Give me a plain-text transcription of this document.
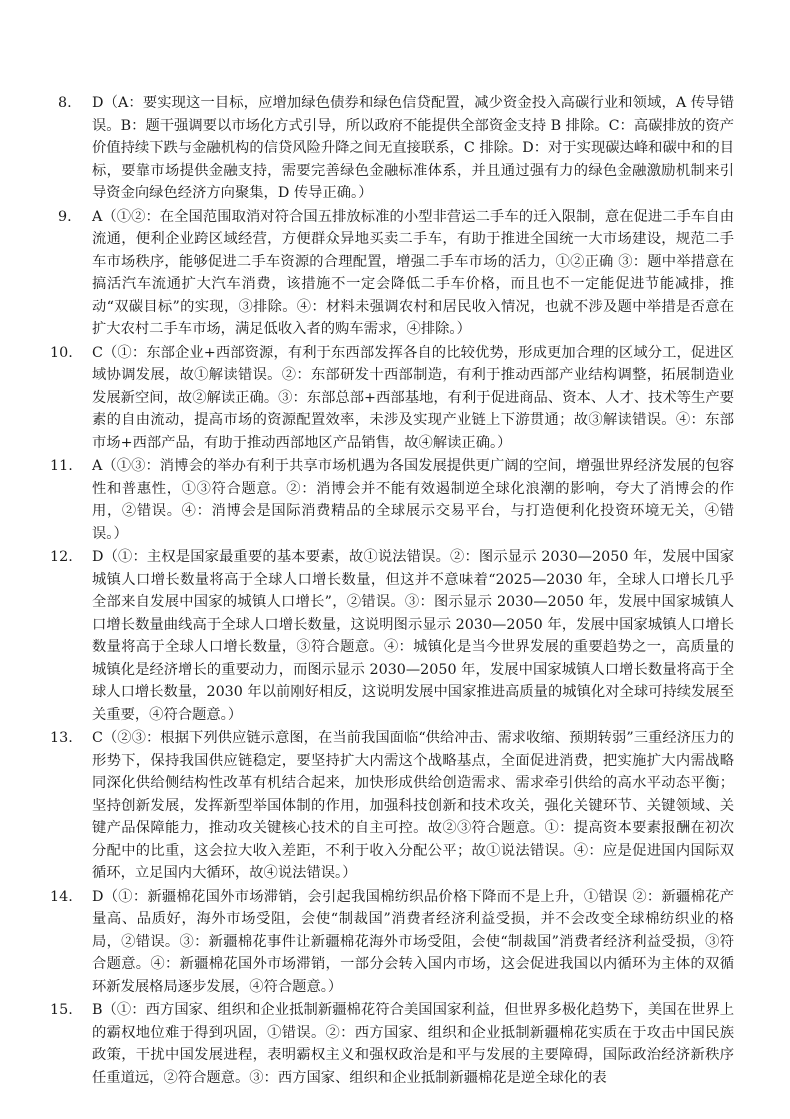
8.	D（A：要实现这一目标，应增加绿色债券和绿色信贷配置，减少资金投入高碳行业和领域，A 传导错误。B：题干强调要以市场化方式引导，所以政府不能提供全部资金支持 B 排除。C：高碳排放的资产价值持续下跌与金融机构的信贷风险升降之间无直接联系，C 排除。D：对于实现碳达峰和碳中和的目标，要靠市场提供金融支持，需要完善绿色金融标准体系，并且通过强有力的绿色金融激励机制来引导资金向绿色经济方向聚集，D 传导正确。）
9.	A（①②：在全国范围取消对符合国五排放标准的小型非营运二手车的迁入限制，意在促进二手车自由流通，便利企业跨区域经营，方便群众异地买卖二手车，有助于推进全国统一大市场建设，规范二手车市场秩序，能够促进二手车资源的合理配置，增强二手车市场的活力，①②正确 ③：题中举措意在搞活汽车流通扩大汽车消费，该措施不一定会降低二手车价格，而且也不一定能促进节能减排，推动“双碳目标”的实现，③排除。④：材料未强调农村和居民收入情况，也就不涉及题中举措是否意在扩大农村二手车市场，满足低收入者的购车需求，④排除。）
10.	C（①：东部企业+西部资源，有利于东西部发挥各自的比较优势，形成更加合理的区域分工，促进区域协调发展，故①解读错误。②：东部研发十西部制造，有利于推动西部产业结构调整，拓展制造业发展新空间，故②解读正确。③：东部总部+西部基地，有利于促进商品、资本、人才、技术等生产要素的自由流动，提高市场的资源配置效率，未涉及实现产业链上下游贯通；故③解读错误。④：东部市场+西部产品，有助于推动西部地区产品销售，故④解读正确。）
11.	A（①③：消博会的举办有利于共享市场机遇为各国发展提供更广阔的空间，增强世界经济发展的包容性和普惠性，①③符合题意。②：消博会并不能有效遏制逆全球化浪潮的影响，夸大了消博会的作用，②错误。④：消博会是国际消费精品的全球展示交易平台，与打造便利化投资环境无关，④错误。）
12.	D（①：主权是国家最重要的基本要素，故①说法错误。②：图示显示 2030—2050 年，发展中国家城镇人口增长数量将高于全球人口增长数量，但这并不意味着“2025—2030 年，全球人口增长几乎全部来自发展中国家的城镇人口增长”，②错误。③：图示显示 2030—2050 年，发展中国家城镇人口增长数量曲线高于全球人口增长数量，这说明图示显示 2030—2050 年，发展中国家城镇人口增长数量将高于全球人口增长数量，③符合题意。④：城镇化是当今世界发展的重要趋势之一，高质量的城镇化是经济增长的重要动力，而图示显示 2030—2050 年，发展中国家城镇人口增长数量将高于全球人口增长数量，2030 年以前刚好相反，这说明发展中国家推进高质量的城镇化对全球可持续发展至关重要，④符合题意。）
13.	C（②③：根据下列供应链示意图，在当前我国面临“供给冲击、需求收缩、预期转弱”三重经济压力的形势下，保持我国供应链稳定，要坚持扩大内需这个战略基点，全面促进消费，把实施扩大内需战略同深化供给侧结构性改革有机结合起来，加快形成供给创造需求、需求牵引供给的高水平动态平衡；坚持创新发展，发挥新型举国体制的作用，加强科技创新和技术攻关，强化关键环节、关键领域、关键产品保障能力，推动攻关键核心技术的自主可控。故②③符合题意。①：提高资本要素报酬在初次分配中的比重，这会拉大收入差距，不利于收入分配公平；故①说法错误。④：应是促进国内国际双循环，立足国内大循环，故④说法错误。）
14.	D（①：新疆棉花国外市场滞销，会引起我国棉纺织品价格下降而不是上升，①错误 ②：新疆棉花产量高、品质好，海外市场受阻，会使“制裁国”消费者经济利益受损，并不会改变全球棉纺织业的格局，②错误。③：新疆棉花事件让新疆棉花海外市场受阻，会使“制裁国”消费者经济利益受损，③符合题意。④：新疆棉花国外市场滞销，一部分会转入国内市场，这会促进我国以内循环为主体的双循环新发展格局逐步发展，④符合题意。）
15.	B（①：西方国家、组织和企业抵制新疆棉花符合美国国家利益，但世界多极化趋势下，美国在世界上的霸权地位难于得到巩固，①错误。②：西方国家、组织和企业抵制新疆棉花实质在于攻击中国民族政策，干扰中国发展进程，表明霸权主义和强权政治是和平与发展的主要障碍，国际政治经济新秩序任重道远，②符合题意。③：西方国家、组织和企业抵制新疆棉花是逆全球化的表
